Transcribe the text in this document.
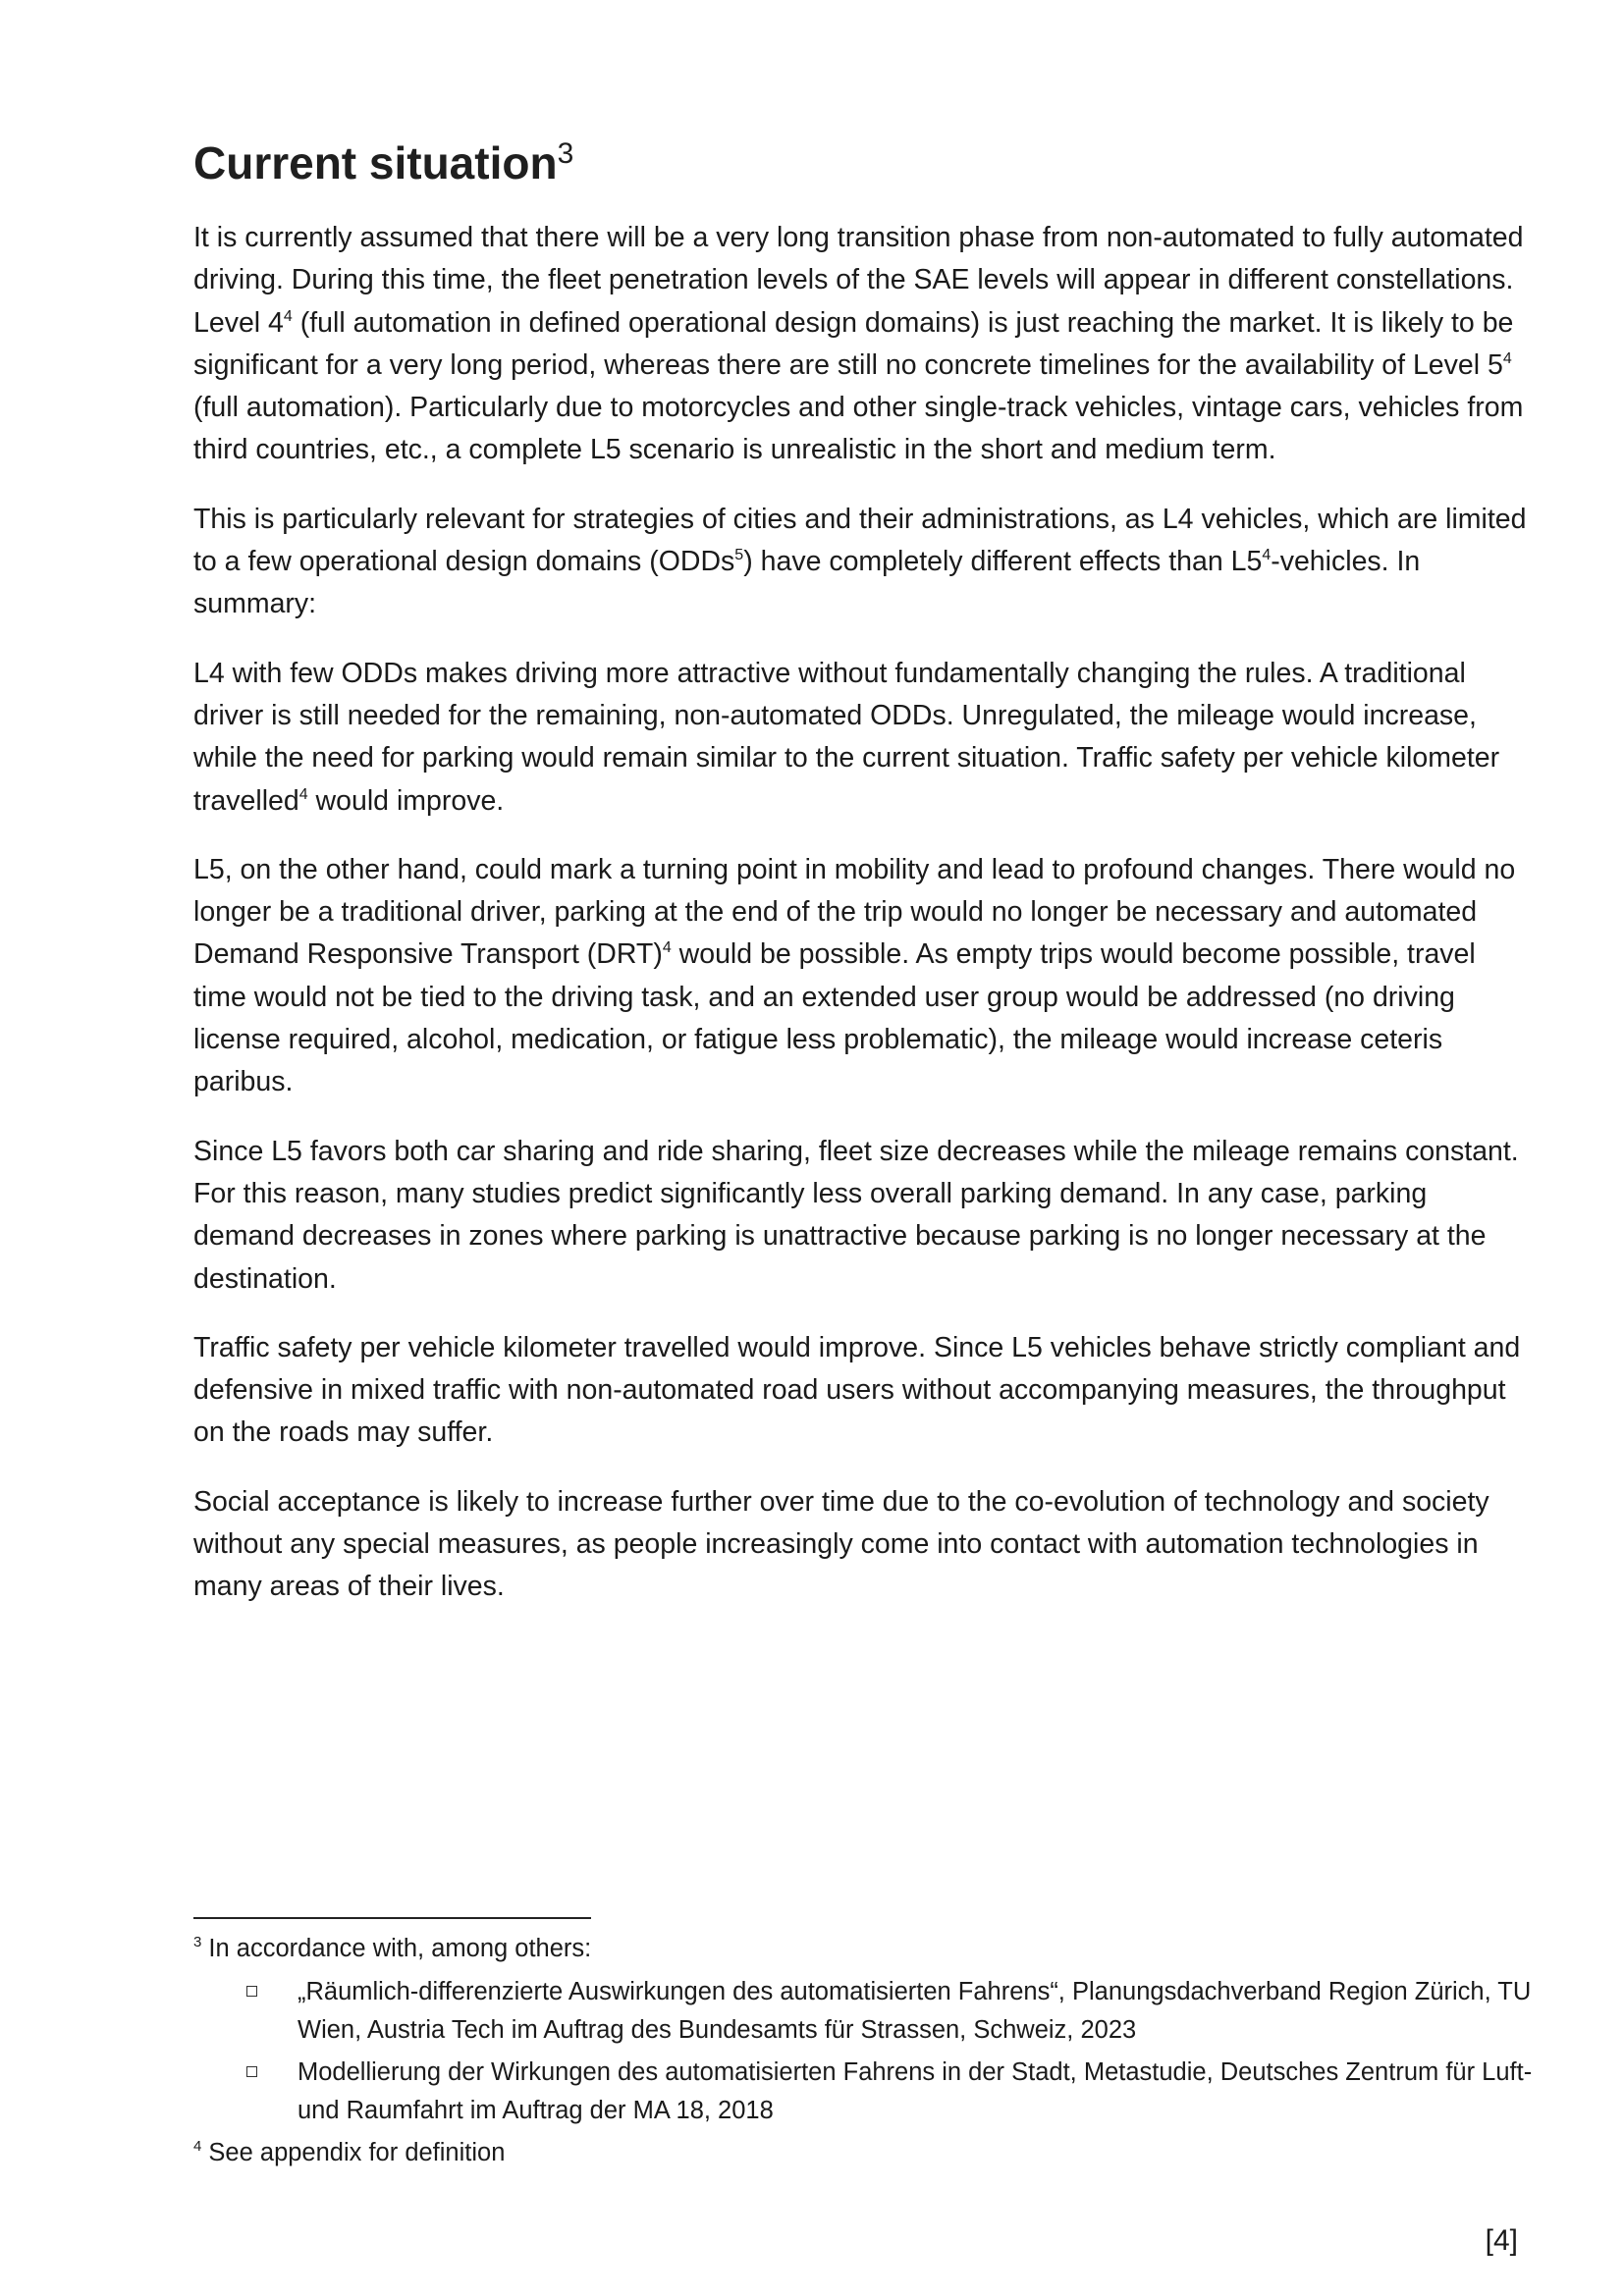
Current situation$^3$

It is currently assumed that there will be a very long transition phase from non-automated to fully automated driving. During this time, the fleet penetration levels of the SAE levels will appear in different constellations. Level $4^4$ (full automation in defined operational design domains) is just reaching the market. It is likely to be significant for a very long period, whereas there are still no concrete timelines for the availability of Level $5^4$ (full automation). Particularly due to motorcycles and other single-track vehicles, vintage cars, vehicles from third countries, etc., a complete L5 scenario is unrealistic in the short and medium term.

This is particularly relevant for strategies of cities and their administrations, as L4 vehicles, which are limited to a few operational design domains (ODDs$^5$) have completely different effects than $L5^4$-vehicles. In summary:

L4 with few ODDs makes driving more attractive without fundamentally changing the rules. A traditional driver is still needed for the remaining, non-automated ODDs. Unregulated, the mileage would increase, while the need for parking would remain similar to the current situation. Traffic safety per vehicle kilometer travelled$^4$ would improve.

L5, on the other hand, could mark a turning point in mobility and lead to profound changes. There would no longer be a traditional driver, parking at the end of the trip would no longer be necessary and automated Demand Responsive Transport (DRT)$^4$ would be possible. As empty trips would become possible, travel time would not be tied to the driving task, and an extended user group would be addressed (no driving license required, alcohol, medication, or fatigue less problematic), the mileage would increase ceteris paribus.

Since L5 favors both car sharing and ride sharing, fleet size decreases while the mileage remains constant. For this reason, many studies predict significantly less overall parking demand. In any case, parking demand decreases in zones where parking is unattractive because parking is no longer necessary at the destination.

Traffic safety per vehicle kilometer travelled would improve. Since L5 vehicles behave strictly compliant and defensive in mixed traffic with non-automated road users without accompanying measures, the throughput on the roads may suffer.

Social acceptance is likely to increase further over time due to the co-evolution of technology and society without any special measures, as people increasingly come into contact with automation technologies in many areas of their lives.

$^3$ In accordance with, among others:

„Räumlich-differenzierte Auswirkungen des automatisierten Fahrens“, Planungsdachverband Region Zürich, TU Wien, Austria Tech im Auftrag des Bundesamts für Strassen, Schweiz, 2023
Modellierung der Wirkungen des automatisierten Fahrens in der Stadt, Metastudie, Deutsches Zentrum für Luft- und Raumfahrt im Auftrag der MA 18, 2018

$^4$ See appendix for definition

[4]
